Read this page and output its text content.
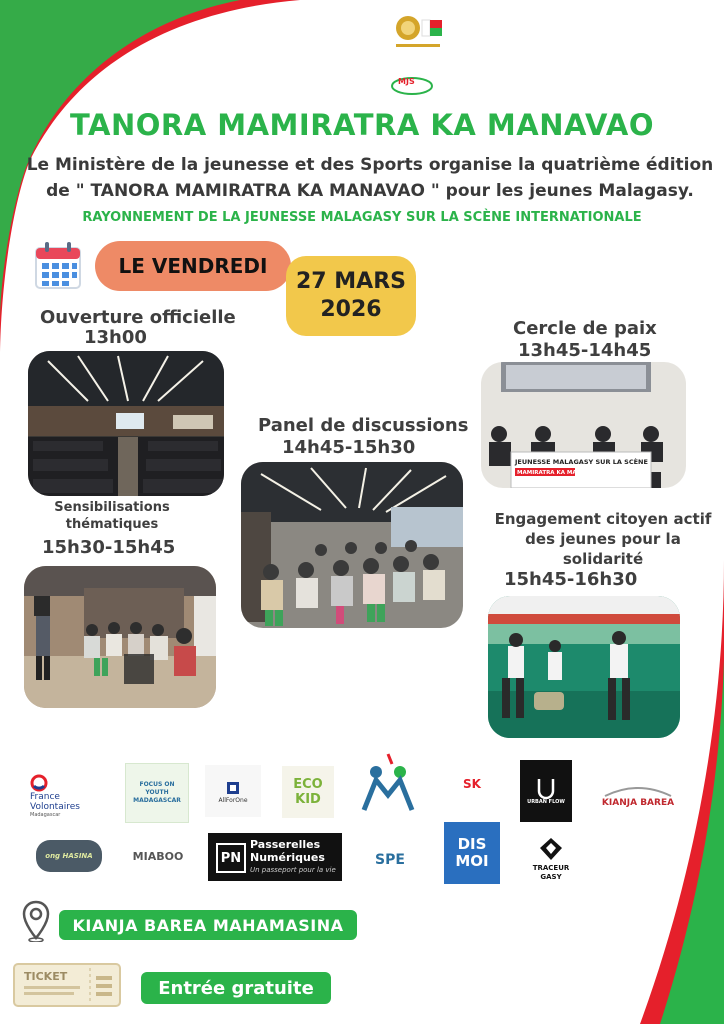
MJS
TANORA MAMIRATRA KA MANAVAO
Le Ministère de la jeunesse et des Sports organise la quatrième édition
de " TANORA MAMIRATRA KA MANAVAO " pour les jeunes Malagasy.
RAYONNEMENT DE LA JEUNESSE MALAGASY SUR LA SCÈNE INTERNATIONALE
LE VENDREDI
27 MARS
2026
Ouverture officielle
13h00	Cercle de paix
13h45-14h45
JEUNESSE MALAGASY SUR LA SCÈNE
MAMIRATRA KA MANAVA
Panel de discussions
14h45-15h30
Sensibilisations
thématiques
15h30-15h45
Engagement citoyen actif
des jeunes pour la
solidarité
15h45-16h30
France
Volontaires
Madagascar
FOCUS ON YOUTH MADAGASCAR	AllForOne
ECO KID
SK
URBAN FLOW	KIANJA BAREA
ong HASINA	MIABOO	PN
Passerelles
Numériques
Un passeport pour la vie
SPE
DIS MOI	TRACEUR GASY
KIANJA BAREA MAHAMASINA
TICKET
Entrée gratuite
